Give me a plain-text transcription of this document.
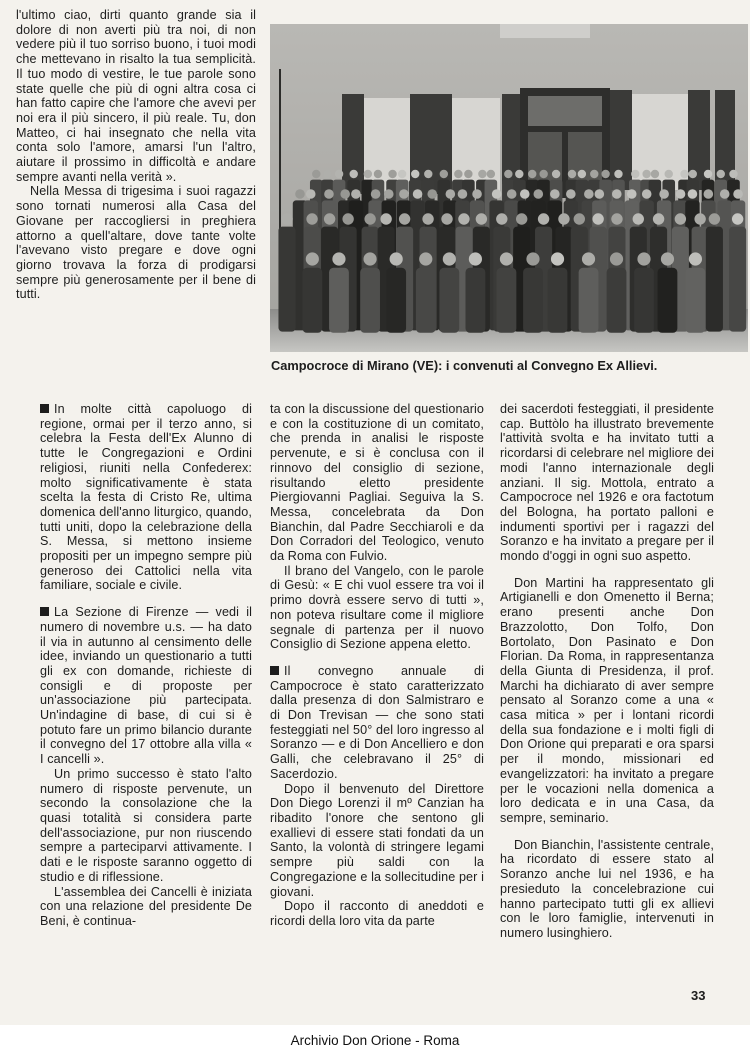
l'ultimo ciao, dirti quanto grande sia il dolore di non averti più tra noi, di non vedere più il tuo sorriso buono, i tuoi modi che mettevano in risalto la tua semplicità. Il tuo modo di vestire, le tue parole sono state quelle che più di ogni altra cosa ci han fatto capire che l'amore che avevi per noi era il più sincero, il più reale. Tu, don Matteo, ci hai insegnato che nella vita conta solo l'amore, amarsi l'un l'altro, aiutare il prossimo in difficoltà e andare sempre avanti nella verità ».

Nella Messa di trigesima i suoi ragazzi sono tornati numerosi alla Casa del Giovane per raccogliersi in preghiera attorno a quell'altare, dove tante volte l'avevano visto pregare e dove ogni giorno trovava la forza di prodigarsi sempre più generosamente per il bene di tutti.

Campocroce di Mirano (VE): i convenuti al Convegno Ex Allievi.

In molte città capoluogo di regione, ormai per il terzo anno, si celebra la Festa dell'Ex Alunno di tutte le Congregazioni e Ordini religiosi, riuniti nella Confederex: molto significativamente è stata scelta la festa di Cristo Re, ultima domenica dell'anno liturgico, quando, tutti uniti, dopo la celebrazione della S. Messa, si mettono insieme propositi per un impegno sempre più generoso dei Cattolici nella vita familiare, sociale e civile.

La Sezione di Firenze — vedi il numero di novembre u.s. — ha dato il via in autunno al censimento delle idee, inviando un questionario a tutti gli ex con domande, richieste di consigli e di proposte per un'associazione più partecipata. Un'indagine di base, di cui si è potuto fare un primo bilancio durante il convegno del 17 ottobre alla villa « I cancelli ».

Un primo successo è stato l'alto numero di risposte pervenute, un secondo la consolazione che la quasi totalità si considera parte dell'associazione, pur non riuscendo sempre a parteciparvi attivamente. I dati e le risposte saranno oggetto di studio e di riflessione.

L'assemblea dei Cancelli è iniziata con una relazione del presidente De Beni, è continua-

ta con la discussione del questionario e con la costituzione di un comitato, che prenda in analisi le risposte pervenute, e si è conclusa con il rinnovo del consiglio di sezione, risultando eletto presidente Piergiovanni Pagliai. Seguiva la S. Messa, concelebrata da Don Bianchin, dal Padre Secchiaroli e da Don Corradori del Teologico, venuto da Roma con Fulvio.

Il brano del Vangelo, con le parole di Gesù: « E chi vuol essere tra voi il primo dovrà essere servo di tutti », non poteva risultare come il migliore segnale di partenza per il nuovo Consiglio di Sezione appena eletto.

Il convegno annuale di Campocroce è stato caratterizzato dalla presenza di don Salmistraro e di Don Trevisan — che sono stati festeggiati nel 50° del loro ingresso al Soranzo — e di Don Ancelliero e don Galli, che celebravano il 25° di Sacerdozio.

Dopo il benvenuto del Direttore Don Diego Lorenzi il mº Canzian ha ribadito l'onore che sentono gli exallievi di essere stati fondati da un Santo, la volontà di stringere legami sempre più saldi con la Congregazione e la sollecitudine per i giovani.

Dopo il racconto di aneddoti e ricordi della loro vita da parte

dei sacerdoti festeggiati, il presidente cap. Buttòlo ha illustrato brevemente l'attività svolta e ha invitato tutti a ricordarsi di celebrare nel migliore dei modi l'anno internazionale degli anziani. Il sig. Mottola, entrato a Campocroce nel 1926 e ora factotum del Bologna, ha portato palloni e indumenti sportivi per i ragazzi del Soranzo e ha invitato a pregare per il mondo d'oggi in ogni suo aspetto.

Don Martini ha rappresentato gli Artigianelli e don Omenetto il Berna; erano presenti anche Don Brazzolotto, Don Tolfo, Don Bortolato, Don Pasinato e Don Florian. Da Roma, in rappresentanza della Giunta di Presidenza, il prof. Marchi ha dichiarato di aver sempre pensato al Soranzo come a una « casa mitica » per i lontani ricordi della sua fondazione e i molti figli di Don Orione qui preparati e ora sparsi per il mondo, missionari ed evangelizzatori: ha invitato a pregare per le vocazioni nella domenica a loro dedicata e in una Casa, da sempre, seminario.

Don Bianchin, l'assistente centrale, ha ricordato di essere stato al Soranzo anche lui nel 1936, e ha presieduto la concelebrazione cui hanno partecipato tutti gli ex allievi con le loro famiglie, intervenuti in numero lusinghiero.

33
Archivio Don Orione - Roma
